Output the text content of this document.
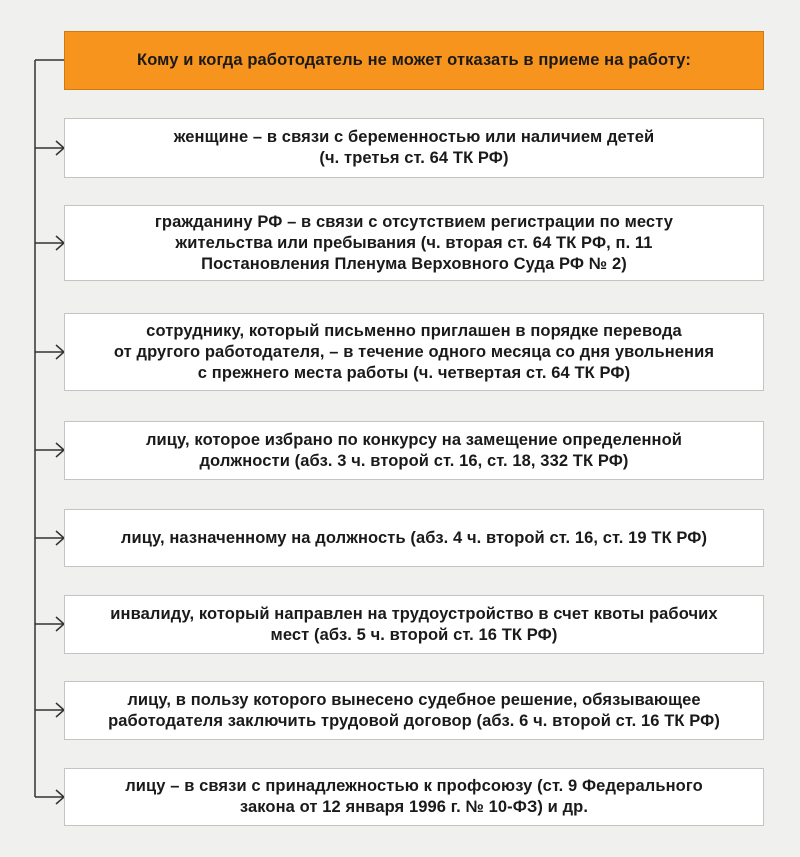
Кому и когда работодатель не может отказать в приеме на работу:
женщине – в связи с беременностью или наличием детей
(ч. третья ст. 64 ТК РФ)
гражданину РФ – в связи с отсутствием регистрации по месту
жительства или пребывания (ч. вторая ст. 64 ТК РФ, п. 11
Постановления Пленума Верховного Суда РФ № 2)
сотруднику, который письменно приглашен в порядке перевода
от другого работодателя, – в течение одного месяца со дня увольнения
с прежнего места работы (ч. четвертая ст. 64 ТК РФ)
лицу, которое избрано по конкурсу на замещение определенной
должности (абз. 3 ч. второй ст. 16, ст. 18, 332 ТК РФ)
лицу, назначенному на должность (абз. 4 ч. второй ст. 16, ст. 19 ТК РФ)
инвалиду, который направлен на трудоустройство в счет квоты рабочих
мест (абз. 5 ч. второй ст. 16 ТК РФ)
лицу, в пользу которого вынесено судебное решение, обязывающее
работодателя заключить трудовой договор (абз. 6 ч. второй ст. 16 ТК РФ)
лицу – в связи с принадлежностью к профсоюзу (ст. 9 Федерального
закона от 12 января 1996 г. № 10-ФЗ) и др.
